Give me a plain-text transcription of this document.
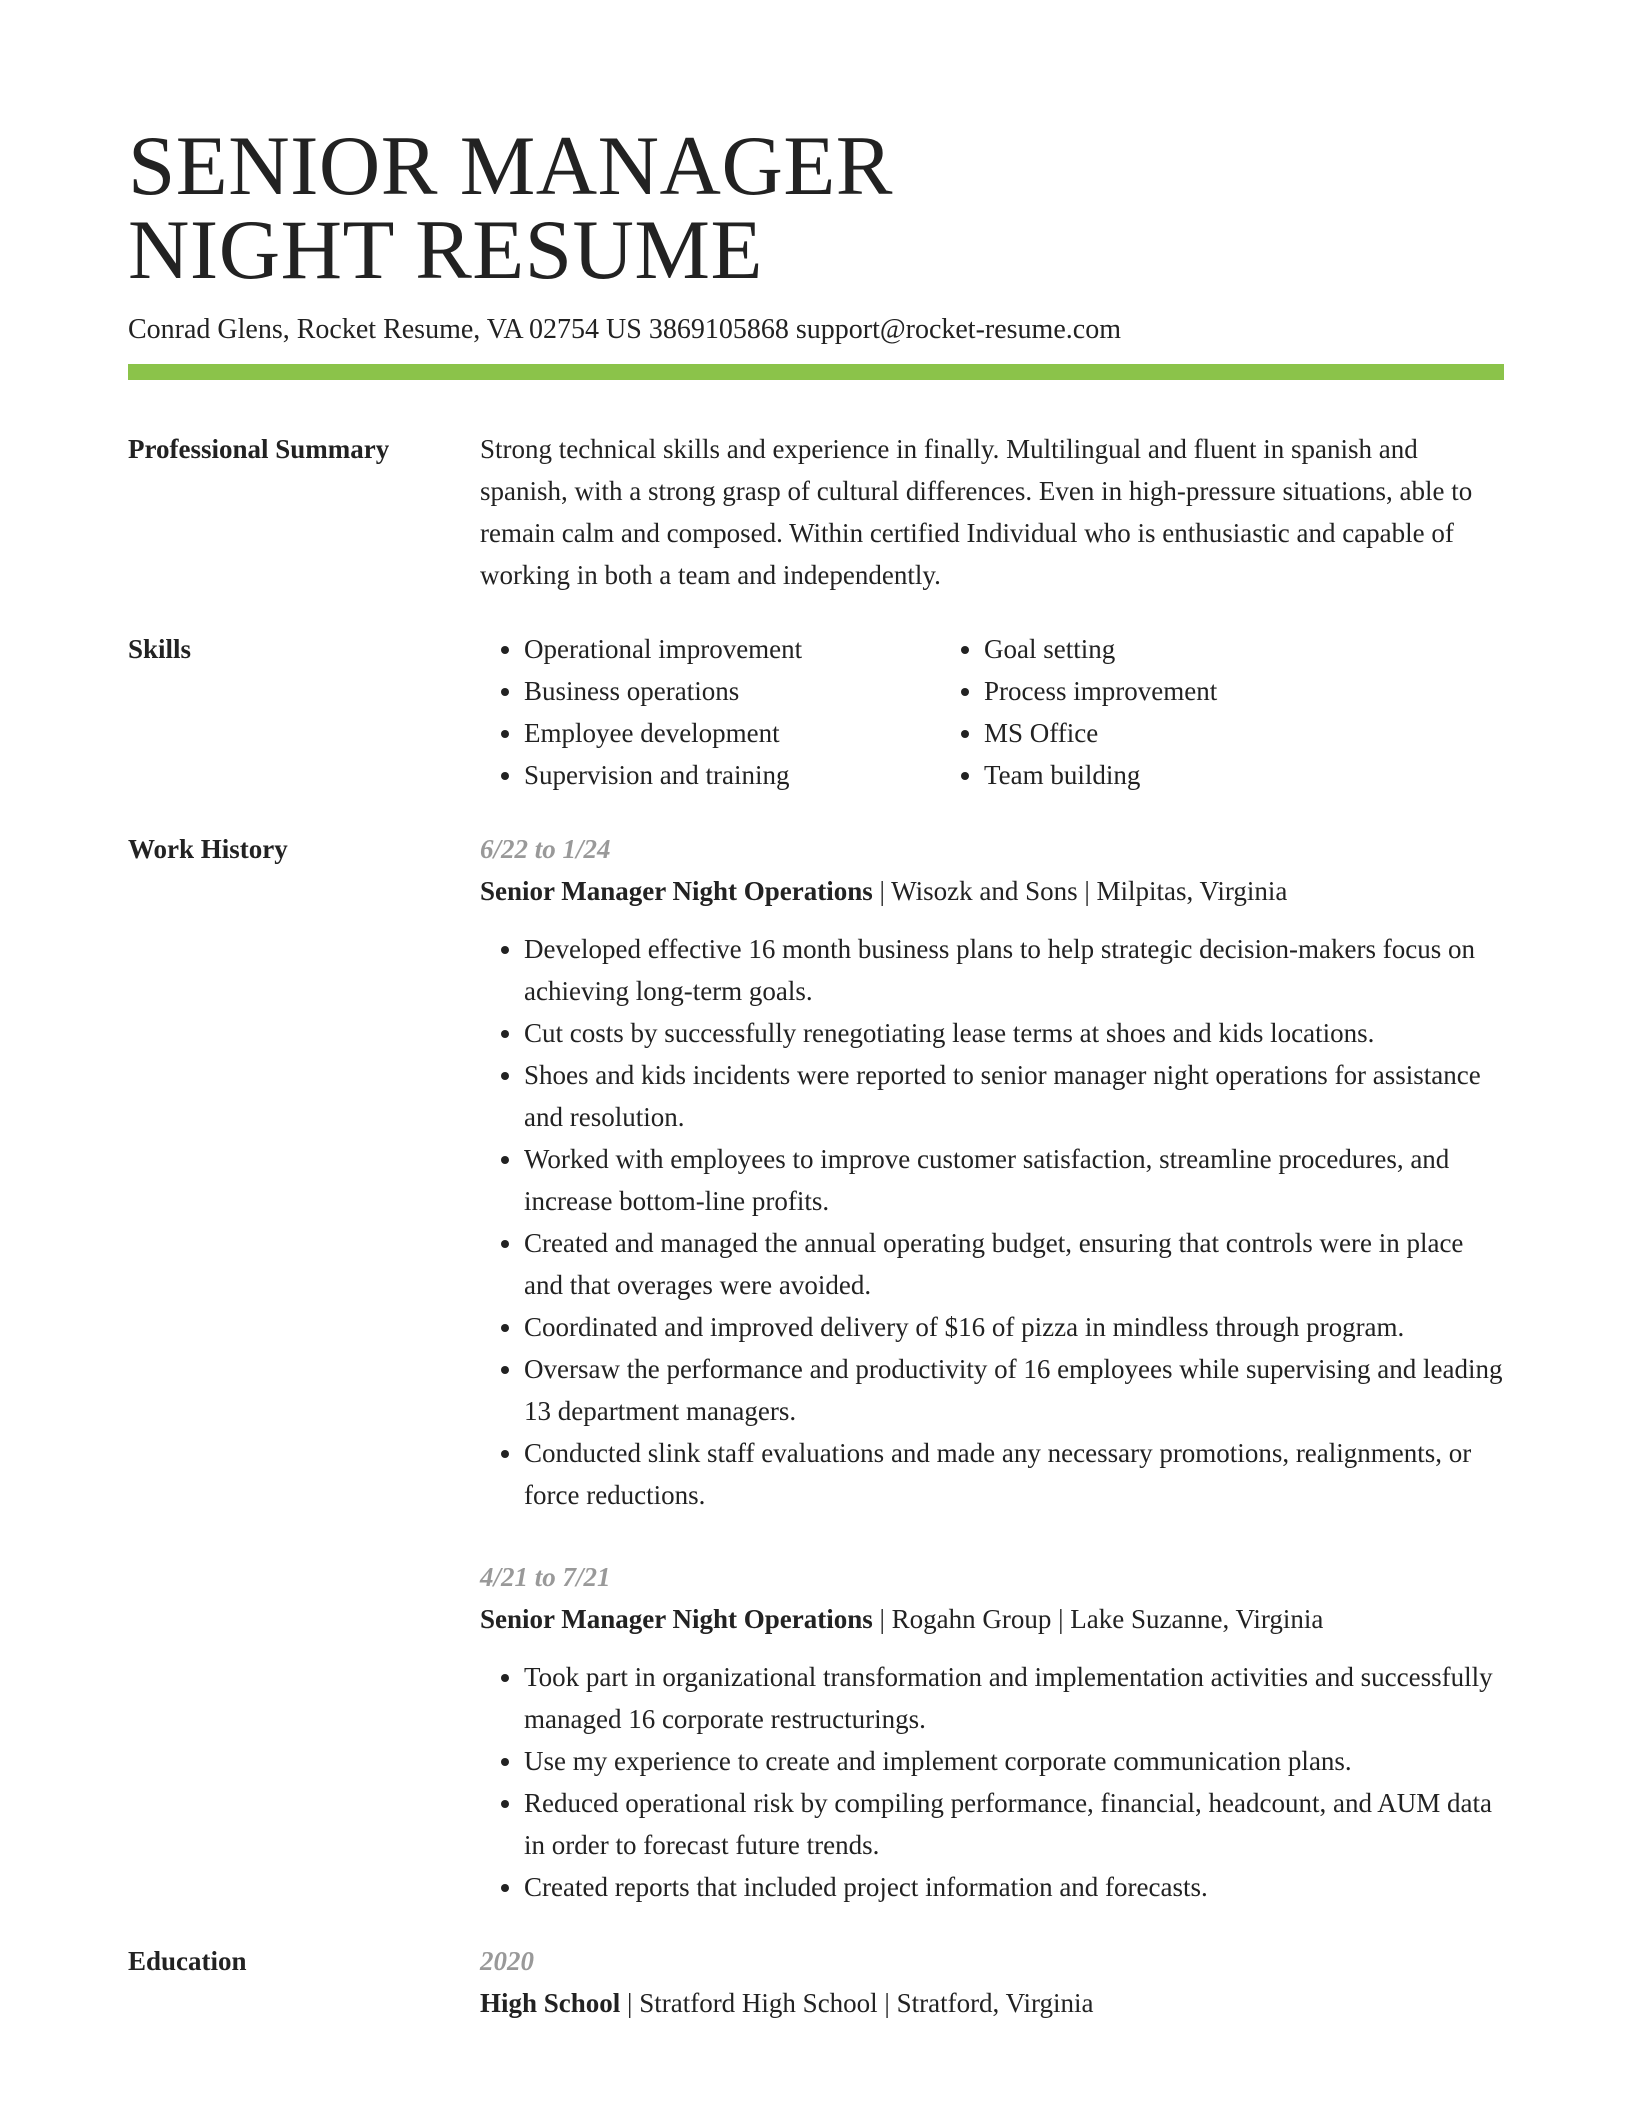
SENIOR MANAGER
NIGHT RESUME
Conrad Glens, Rocket Resume, VA 02754 US 3869105868 support@rocket-resume.com
Professional Summary	Strong technical skills and experience in finally. Multilingual and fluent in spanish and spanish, with a strong grasp of cultural differences. Even in high-pressure situations, able to remain calm and composed. Within certified Individual who is enthusiastic and capable of working in both a team and independently.
Skills
•	Operational improvement
• Business operations
• Employee development
• Supervision and training
• Goal setting
• Process improvement
• MS Office
• Team building
Work History	6/22 to 1/24
Senior Manager Night Operations | Wisozk and Sons | Milpitas, Virginia
• Developed effective 16 month business plans to help strategic decision-makers focus on achieving long-term goals.
• Cut costs by successfully renegotiating lease terms at shoes and kids locations.
• Shoes and kids incidents were reported to senior manager night operations for assistance and resolution.
• Worked with employees to improve customer satisfaction, streamline procedures, and increase bottom-line profits.
• Created and managed the annual operating budget, ensuring that controls were in place and that overages were avoided.
• Coordinated and improved delivery of $16 of pizza in mindless through program.
• Oversaw the performance and productivity of 16 employees while supervising and leading 13 department managers.
• Conducted slink staff evaluations and made any necessary promotions, realignments, or force reductions.
4/21 to 7/21
Senior Manager Night Operations | Rogahn Group | Lake Suzanne, Virginia
• Took part in organizational transformation and implementation activities and successfully managed 16 corporate restructurings.
• Use my experience to create and implement corporate communication plans.
• Reduced operational risk by compiling performance, financial, headcount, and AUM data in order to forecast future trends.
• Created reports that included project information and forecasts.
Education	2020
High School | Stratford High School | Stratford, Virginia
